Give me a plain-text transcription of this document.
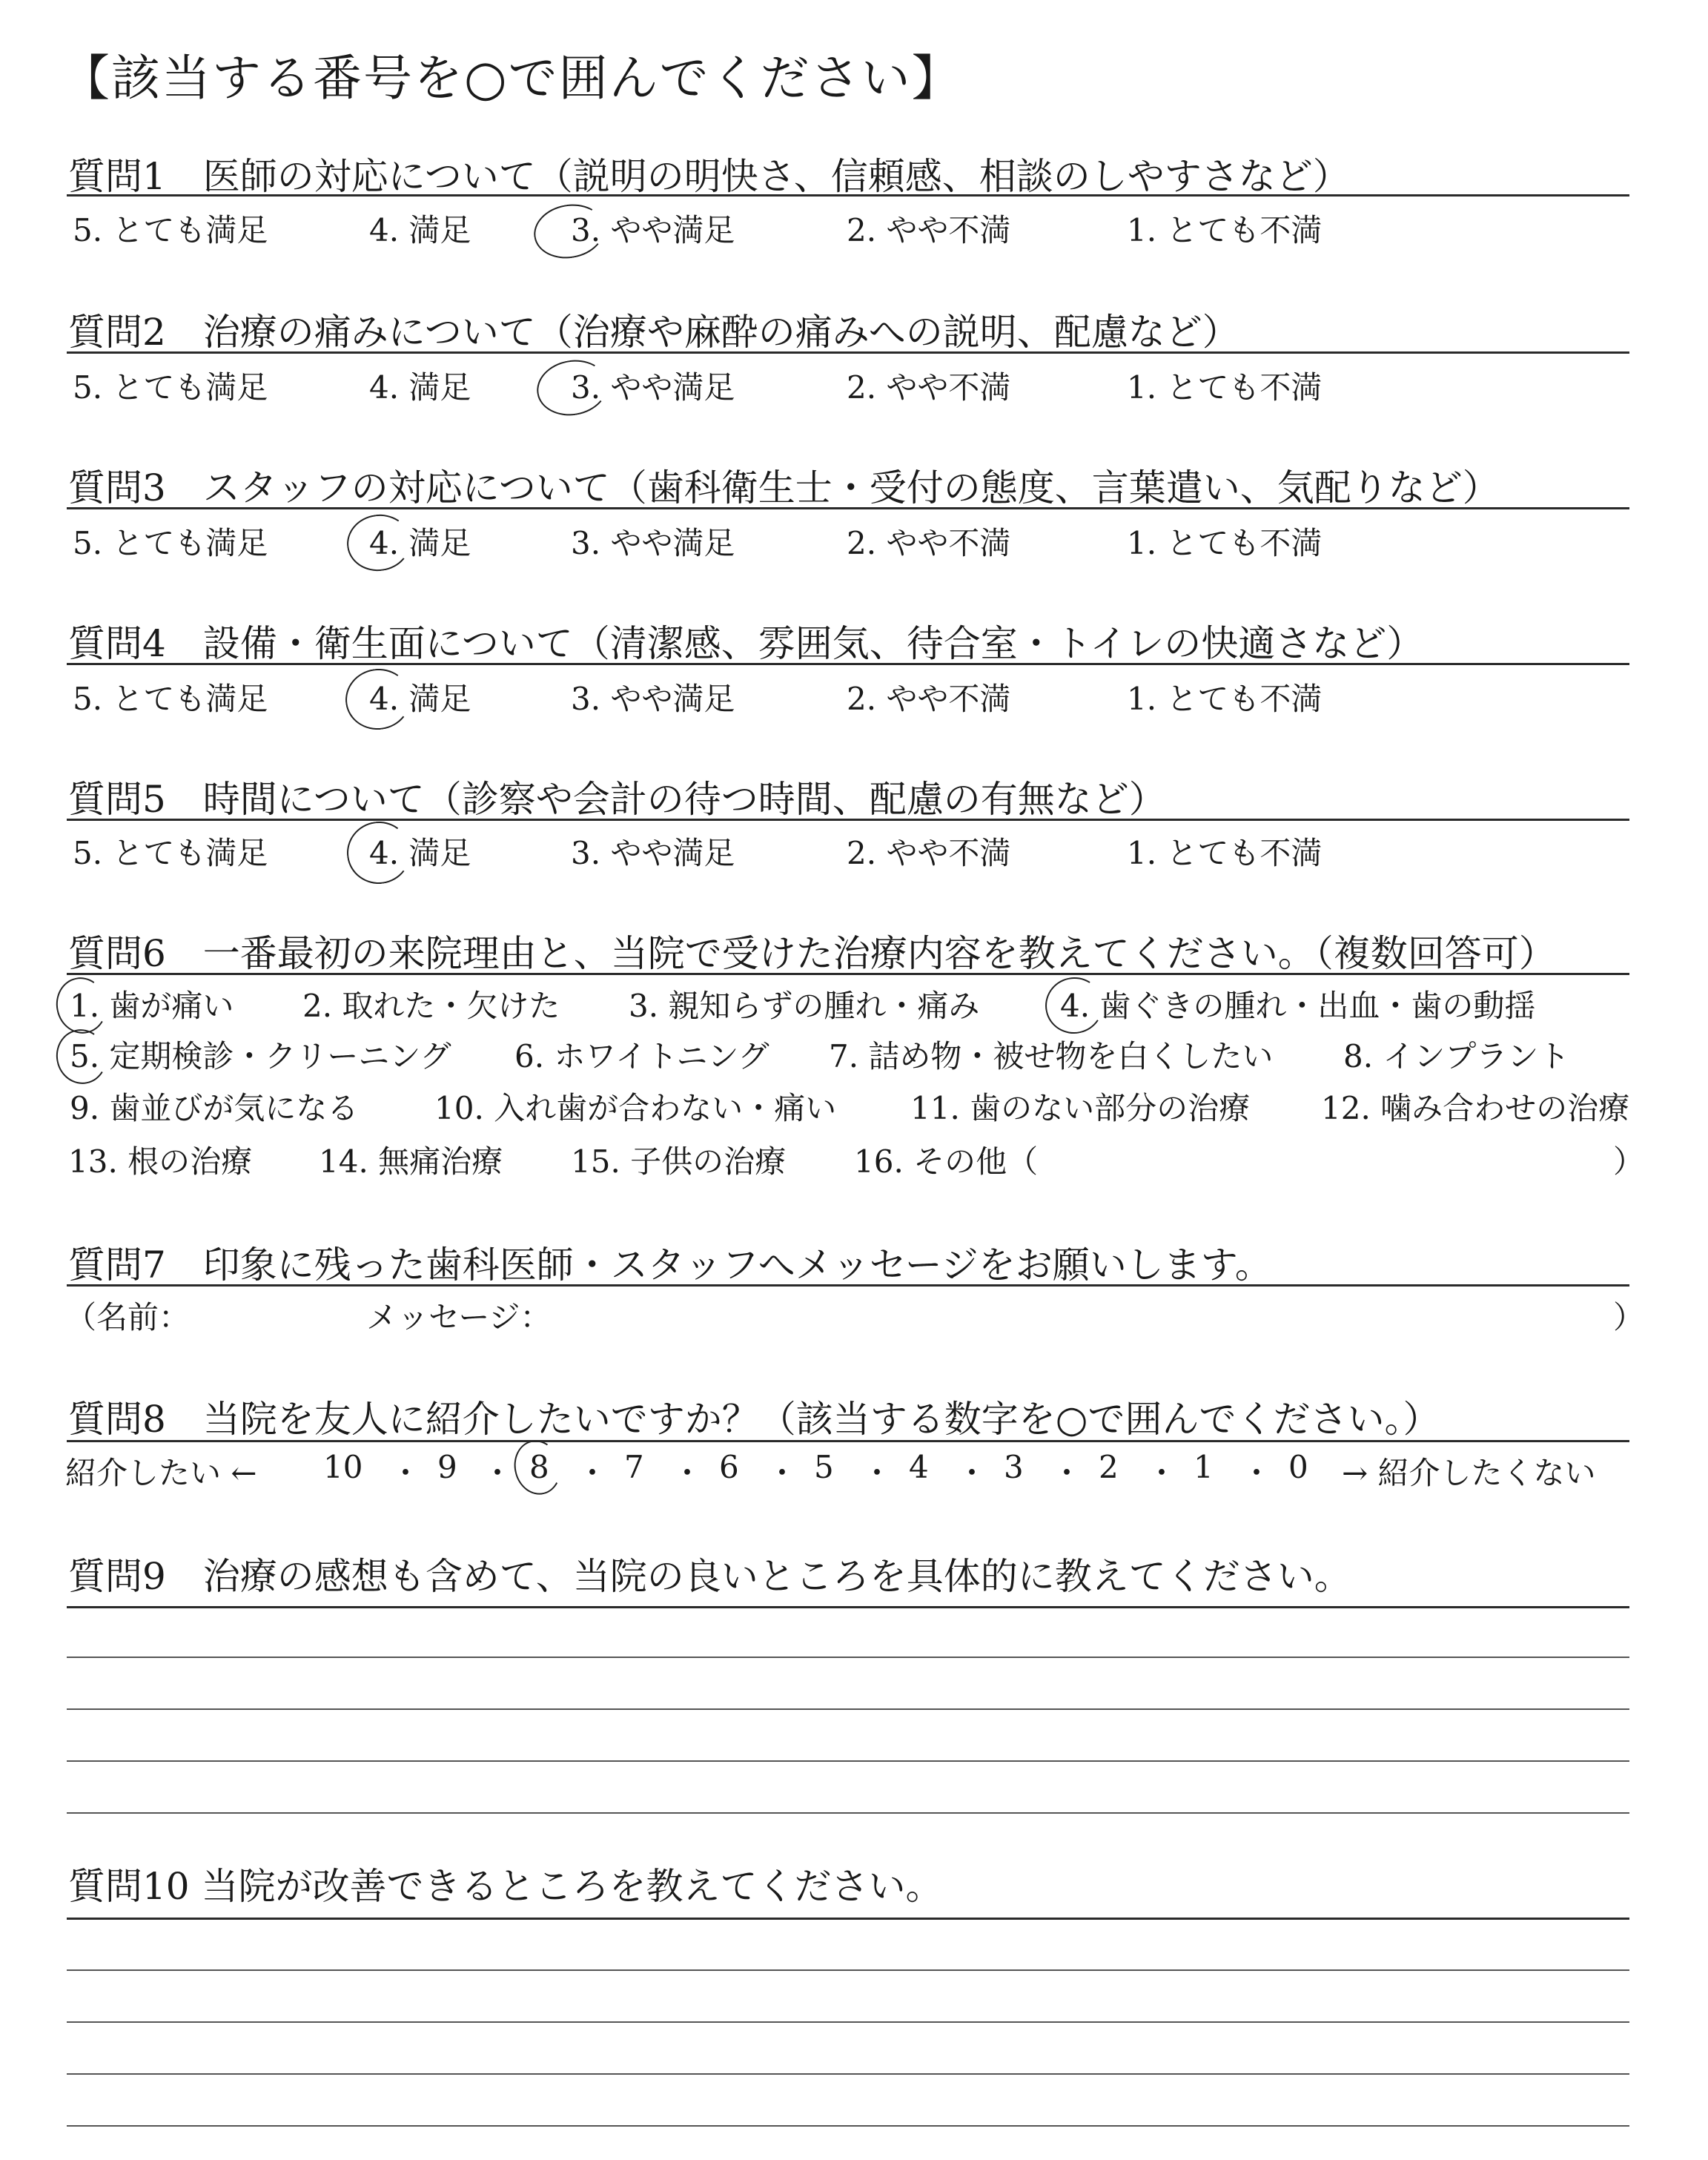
【該当する番号を○で囲んでください】
質問1　医師の対応について（説明の明快さ、信頼感、相談のしやすさなど）
5. とても満足	4. 満足	3. やや満足	2. やや不満	1. とても不満
質問2　治療の痛みについて（治療や麻酔の痛みへの説明、配慮など）
5. とても満足	4. 満足	3. やや満足	2. やや不満	1. とても不満
質問3　スタッフの対応について（歯科衛生士・受付の態度、言葉遣い、気配りなど）
5. とても満足	4. 満足	3. やや満足	2. やや不満	1. とても不満
質問4　設備・衛生面について（清潔感、雰囲気、待合室・トイレの快適さなど）
5. とても満足	4. 満足	3. やや満足	2. やや不満	1. とても不満
質問5　時間について（診察や会計の待つ時間、配慮の有無など）
5. とても満足	4. 満足	3. やや満足	2. やや不満	1. とても不満
質問6　一番最初の来院理由と、当院で受けた治療内容を教えてください。（複数回答可）
1. 歯が痛い 2. 取れた・欠けた 3. 親知らずの腫れ・痛み	4. 歯ぐきの腫れ・出血・歯の動揺
5. 定期検診・クリーニング 6. ホワイトニング 7. 詰め物・被せ物を白くしたい 8. インプラント
9. 歯並びが気になる 10. 入れ歯が合わない・痛い 11. 歯のない部分の治療 12. 噛み合わせの治療
13. 根の治療 14. 無痛治療 15. 子供の治療 16. その他（	）
質問7　印象に残った歯科医師・スタッフへメッセージをお願いします。
（名前：	メッセージ：	）
質問8　当院を友人に紹介したいですか？（該当する数字を○で囲んでください。）
紹介したい ← 10 ・ 9 ・ 8 ・ 7 ・ 6 ・ 5 ・ 4 ・ 3 ・ 2 ・ 1 ・ 0 → 紹介したくない
質問9　治療の感想も含めて、当院の良いところを具体的に教えてください。
質問10 当院が改善できるところを教えてください。
